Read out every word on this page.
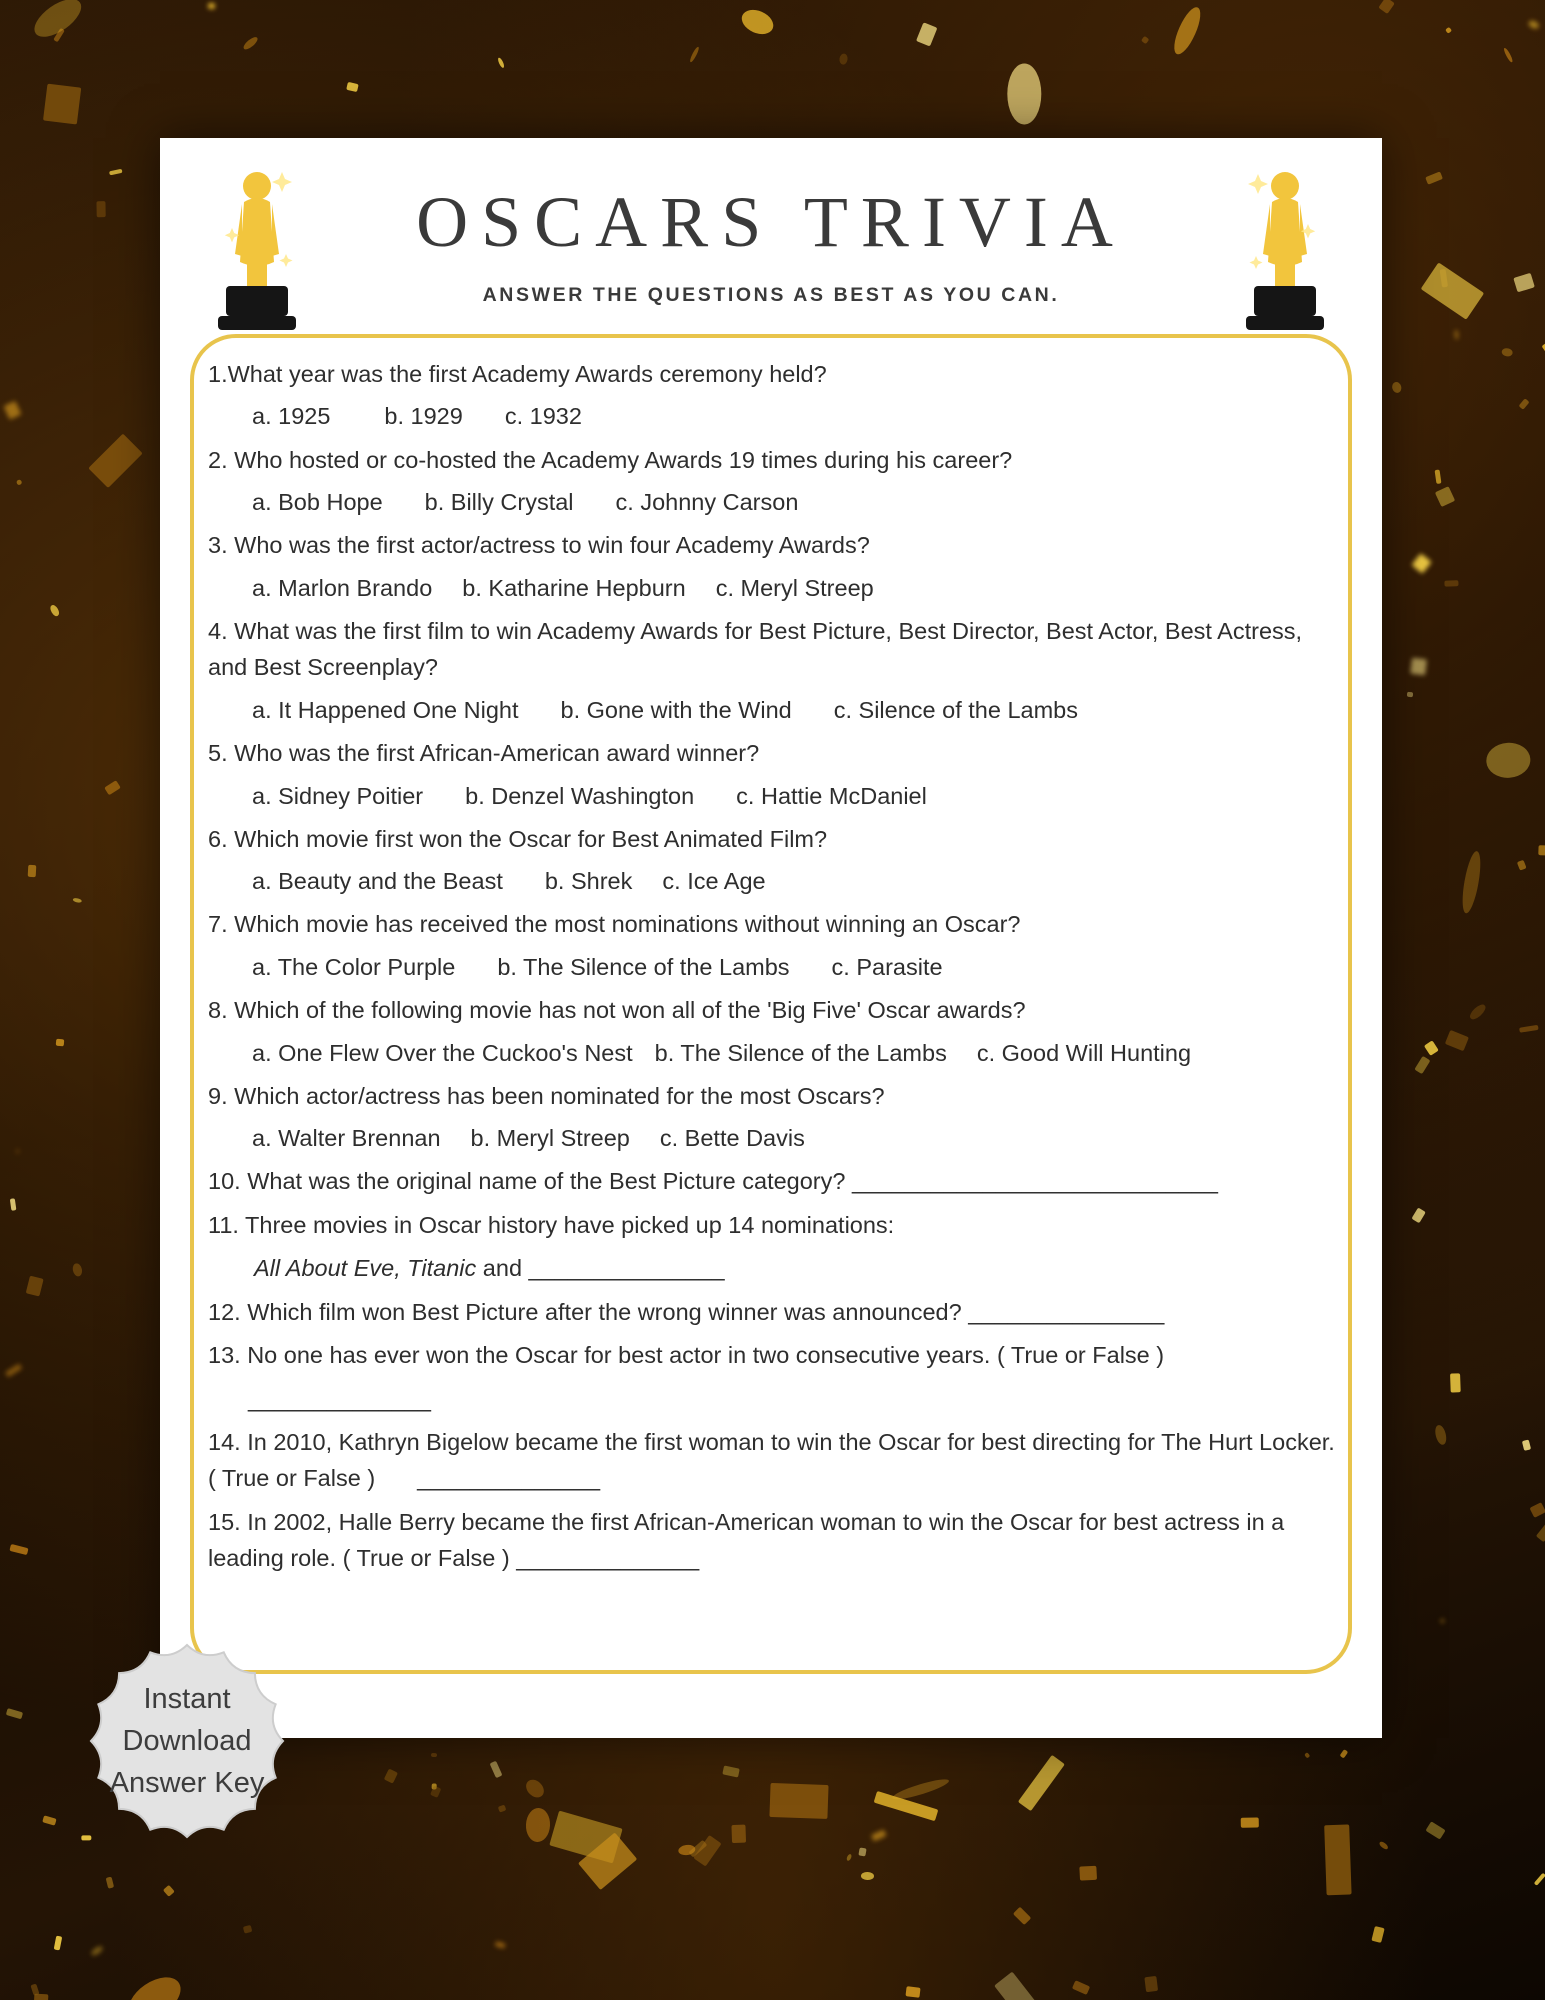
OSCARS TRIVIA
ANSWER THE QUESTIONS AS BEST AS YOU CAN.

1.What year was the first Academy Awards ceremony held?

a. 1925 b. 1929 c. 1932

2. Who hosted or co-hosted the Academy Awards 19 times during his career?

a. Bob Hope b. Billy Crystal c. Johnny Carson

3. Who was the first actor/actress to win four Academy Awards?

a. Marlon Brando b. Katharine Hepburn c. Meryl Streep

4. What was the first film to win Academy Awards for Best Picture, Best Director, Best Actor, Best Actress, and Best Screenplay?

a. It Happened One Night b. Gone with the Wind c. Silence of the Lambs

5. Who was the first African-American award winner?

a. Sidney Poitier b. Denzel Washington c. Hattie McDaniel

6. Which movie first won the Oscar for Best Animated Film?

a. Beauty and the Beast b. Shrek c. Ice Age

7. Which movie has received the most nominations without winning an Oscar?

a. The Color Purple b. The Silence of the Lambs c. Parasite

8. Which of the following movie has not won all of the 'Big Five' Oscar awards?

a. One Flew Over the Cuckoo's Nest b. The Silence of the Lambs c. Good Will Hunting

9. Which actor/actress has been nominated for the most Oscars?

a. Walter Brennan b. Meryl Streep c. Bette Davis

10. What was the original name of the Best Picture category? ____________________________

11. Three movies in Oscar history have picked up 14 nominations:

All About Eve, Titanic and _______________

12. Which film won Best Picture after the wrong winner was announced? _______________

13. No one has ever won the Oscar for best actor in two consecutive years. ( True or False )

______________

14. In 2010, Kathryn Bigelow became the first woman to win the Oscar for best directing for The Hurt Locker. ( True or False ) ______________

15. In 2002, Halle Berry became the first African-American woman to win the Oscar for best actress in a leading role. ( True or False ) ______________

Instant
Download
Answer Key
